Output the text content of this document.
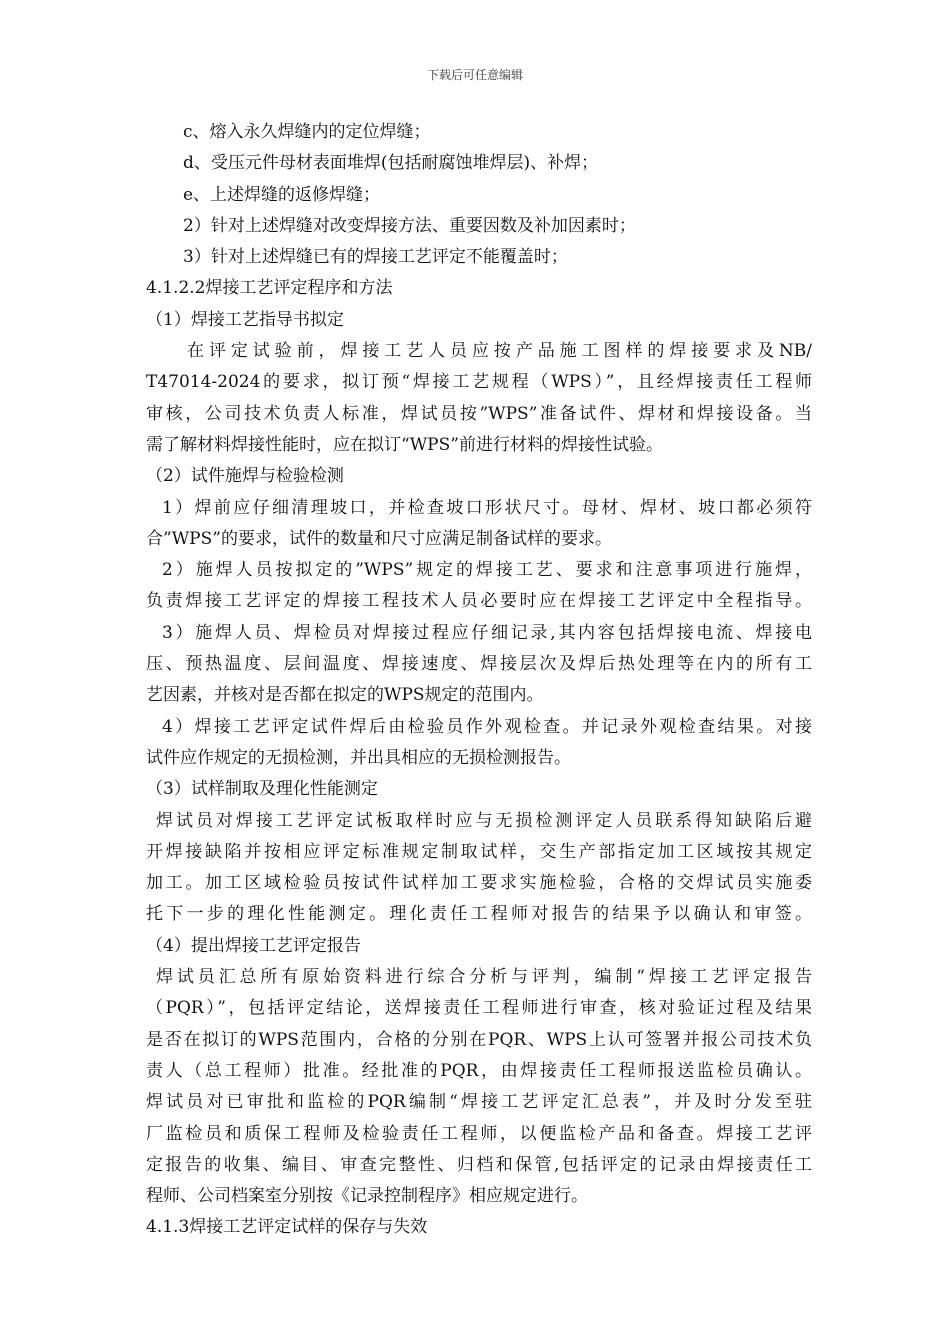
下载后可任意编辑

c、熔入永久焊缝内的定位焊缝；

d、受压元件母材表面堆焊(包括耐腐蚀堆焊层)、补焊；

e、上述焊缝的返修焊缝；

2）针对上述焊缝对改变焊接方法、重要因数及补加因素时；

3）针对上述焊缝已有的焊接工艺评定不能覆盖时；

4.1.2.2焊接工艺评定程序和方法

（1）焊接工艺指导书拟定

在评定试验前，焊接工艺人员应按产品施工图样的焊接要求及NB/

T47014-2024的要求，拟订预“焊接工艺规程（WPS）”，且经焊接责任工程师

审核，公司技术负责人标准，焊试员按”WPS”准备试件、焊材和焊接设备。当

需了解材料焊接性能时，应在拟订“WPS”前进行材料的焊接性试验。

（2）试件施焊与检验检测

1）焊前应仔细清理坡口，并检查坡口形状尺寸。母材、焊材、坡口都必须符

合”WPS”的要求，试件的数量和尺寸应满足制备试样的要求。

2）施焊人员按拟定的”WPS”规定的焊接工艺、要求和注意事项进行施焊，

负责焊接工艺评定的焊接工程技术人员必要时应在焊接工艺评定中全程指导。

3）施焊人员、焊检员对焊接过程应仔细记录,其内容包括焊接电流、焊接电

压、预热温度、层间温度、焊接速度、焊接层次及焊后热处理等在内的所有工

艺因素，并核对是否都在拟定的WPS规定的范围内。

4）焊接工艺评定试件焊后由检验员作外观检查。并记录外观检查结果。对接

试件应作规定的无损检测，并出具相应的无损检测报告。

（3）试样制取及理化性能测定

焊试员对焊接工艺评定试板取样时应与无损检测评定人员联系得知缺陷后避

开焊接缺陷并按相应评定标准规定制取试样，交生产部指定加工区域按其规定

加工。加工区域检验员按试件试样加工要求实施检验，合格的交焊试员实施委

托下一步的理化性能测定。理化责任工程师对报告的结果予以确认和审签。

（4）提出焊接工艺评定报告

焊试员汇总所有原始资料进行综合分析与评判，编制“焊接工艺评定报告

（PQR）”，包括评定结论，送焊接责任工程师进行审查，核对验证过程及结果

是否在拟订的WPS范围内，合格的分别在PQR、WPS上认可签署并报公司技术负

责人（总工程师）批准。经批准的PQR，由焊接责任工程师报送监检员确认。

焊试员对已审批和监检的PQR编制“焊接工艺评定汇总表”，并及时分发至驻

厂监检员和质保工程师及检验责任工程师，以便监检产品和备查。焊接工艺评

定报告的收集、编目、审查完整性、归档和保管,包括评定的记录由焊接责任工

程师、公司档案室分别按《记录控制程序》相应规定进行。

4.1.3焊接工艺评定试样的保存与失效
